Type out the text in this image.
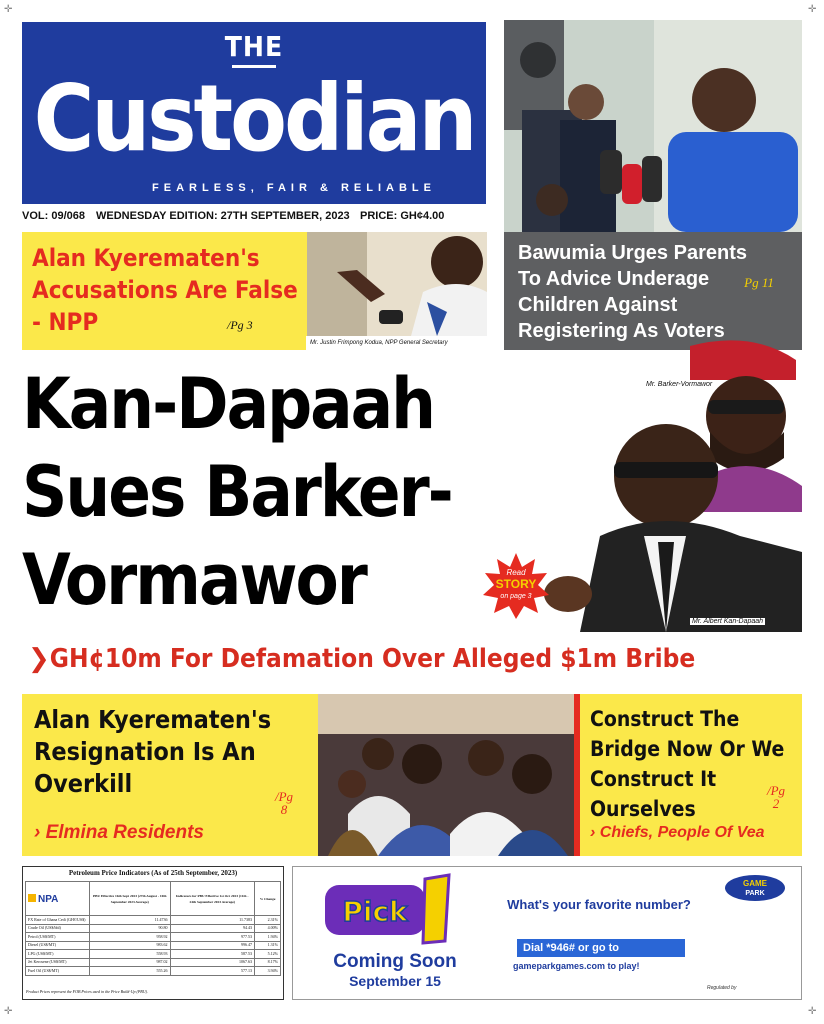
THE
Custodian
FEARLESS, FAIR & RELIABLE
VOL: 09/068 WEDNESDAY EDITION: 27TH SEPTEMBER, 2023 PRICE: GH¢4.00
Bawumia Urges Parents To Advice Underage Children Against Registering As Voters
Pg 11
Alan Kyerematen's Accusations Are False - NPP	/Pg 3
Mr. Justin Frimpong Kodua, NPP General Secretary
Kan-Dapaah
Sues Barker-
Vormawor
Mr. Barker-Vormawor
Mr. Albert Kan-Dapaah
Read
STORY
on page 3
❯GH¢10m For Defamation Over Alleged $1m Bribe
Alan Kyerematen's Resignation Is An Overkill	/Pg 8
› Elmina Residents
Construct The Bridge Now Or We Construct It Ourselves
/Pg 2
› Chiefs, People Of Vea
Petroleum Price Indicators (As of 25th September, 2023)
NPA	PBU Effective 16th Sept 2023 (27th August - 10th September 2023 Average)	Indicators for PBU Effective 1st Oct 2023 (11th - 24th September 2023 Average)	% Change
FX Rate of Ghana Cedi (GH¢/US$)	11.4736	11.7383	2.31%
Crude Oil (US$/bbl)	90.80	94.43	4.00%
Petrol (US$/MT)	958.92	977.53	1.94%
Diesel (US$/MT)	983.62	996.47	1.31%
LPG (US$/MT)	558.93	587.53	5.12%
Jet Kerosene (US$/MT)	987.02	1067.63	8.17%
Fuel Oil (US$/MT)	555.26	577.13	3.94%
Product Prices represent the FOB Prices used in the Price Build-Up (PBU).
Pick
Coming Soon
September 15
What's your favorite number?
Dial *946# or go to
gameparkgames.com to play!
Regulated by
GAME
PARK
✛	✛
✛	✛
